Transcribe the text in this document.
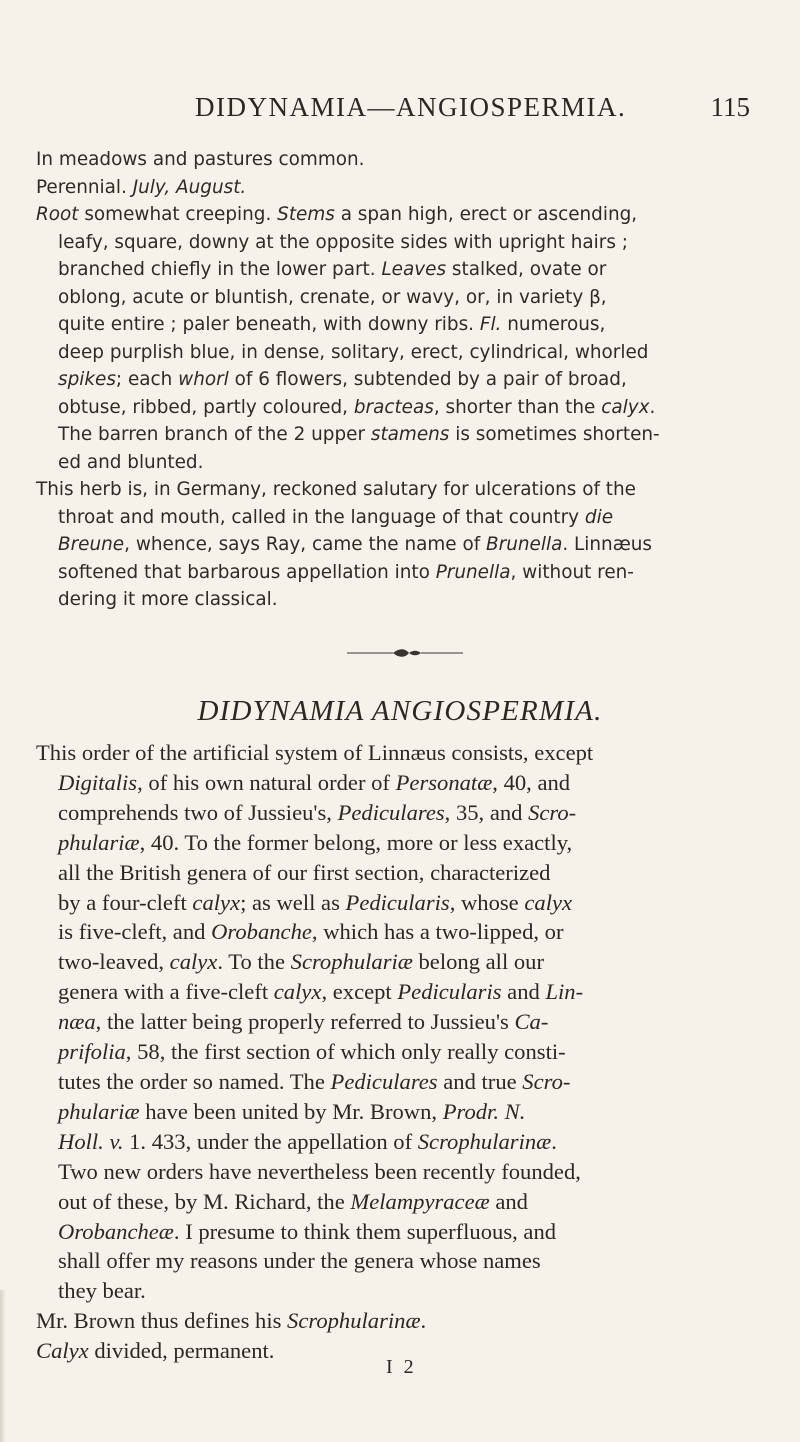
DIDYNAMIA—ANGIOSPERMIA.	115
In meadows and pastures common.
Perennial. July, August.
Root somewhat creeping. Stems a span high, erect or ascending,
leafy, square, downy at the opposite sides with upright hairs ;
branched chiefly in the lower part. Leaves stalked, ovate or
oblong, acute or bluntish, crenate, or wavy, or, in variety β,
quite entire ; paler beneath, with downy ribs. Fl. numerous,
deep purplish blue, in dense, solitary, erect, cylindrical, whorled
spikes; each whorl of 6 flowers, subtended by a pair of broad,
obtuse, ribbed, partly coloured, bracteas, shorter than the calyx.
The barren branch of the 2 upper stamens is sometimes shorten-
ed and blunted.
This herb is, in Germany, reckoned salutary for ulcerations of the
throat and mouth, called in the language of that country die
Breune, whence, says Ray, came the name of Brunella. Linnæus
softened that barbarous appellation into Prunella, without ren-
dering it more classical.
DIDYNAMIA ANGIOSPERMIA.
This order of the artificial system of Linnæus consists, except
Digitalis, of his own natural order of Personatæ, 40, and
comprehends two of Jussieu's, Pediculares, 35, and Scro-
phulariæ, 40. To the former belong, more or less exactly,
all the British genera of our first section, characterized
by a four-cleft calyx; as well as Pedicularis, whose calyx
is five-cleft, and Orobanche, which has a two-lipped, or
two-leaved, calyx. To the Scrophulariæ belong all our
genera with a five-cleft calyx, except Pedicularis and Lin-
næa, the latter being properly referred to Jussieu's Ca-
prifolia, 58, the first section of which only really consti-
tutes the order so named. The Pediculares and true Scro-
phulariæ have been united by Mr. Brown, Prodr. N.
Holl. v. 1. 433, under the appellation of Scrophularinæ.
Two new orders have nevertheless been recently founded,
out of these, by M. Richard, the Melampyraceæ and
Orobancheæ. I presume to think them superfluous, and
shall offer my reasons under the genera whose names
they bear.
Mr. Brown thus defines his Scrophularinæ.
Calyx divided, permanent.
I 2
